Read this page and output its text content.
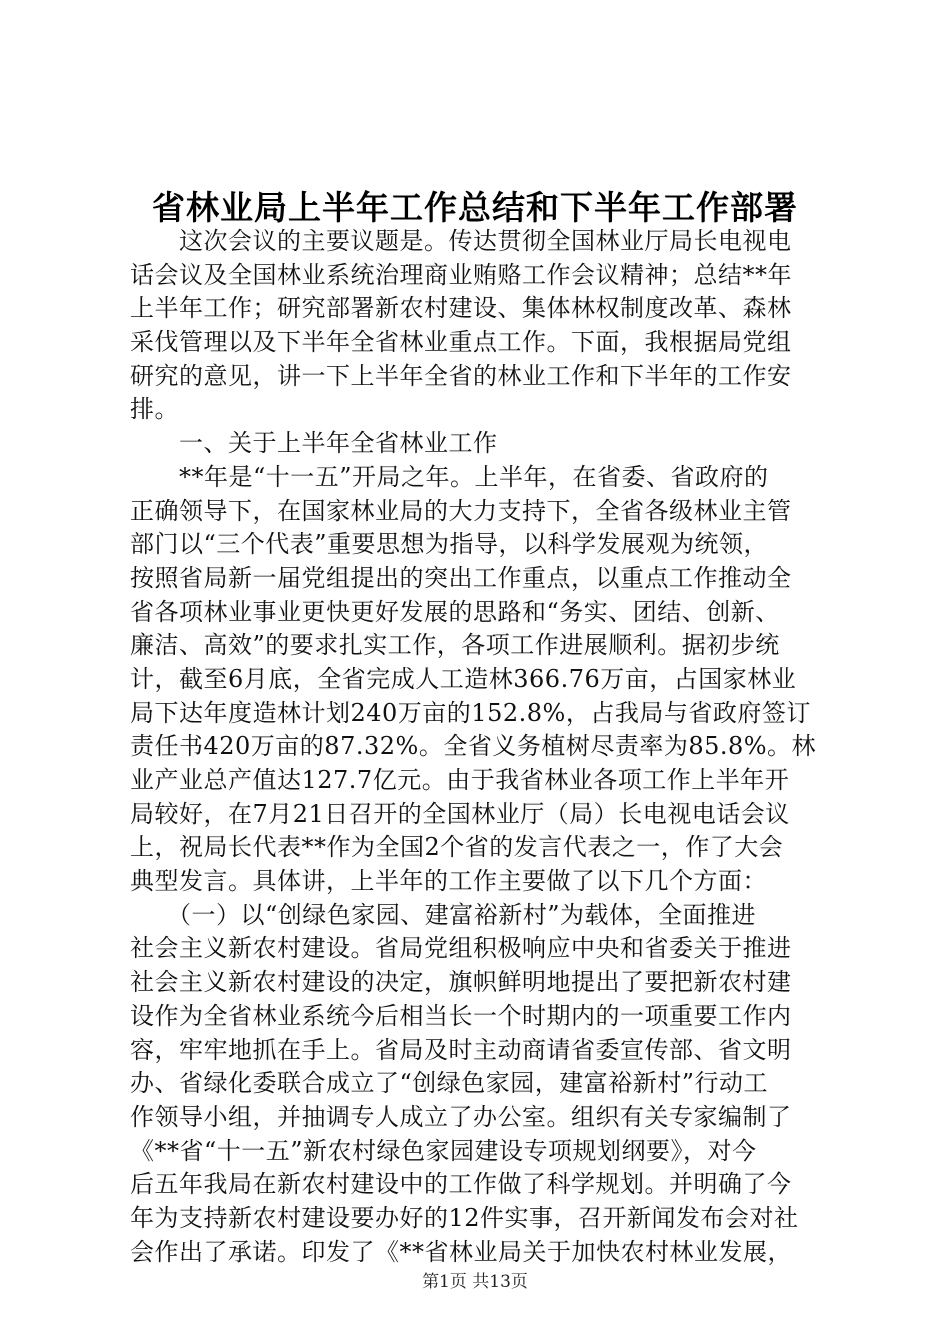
省林业局上半年工作总结和下半年工作部署
　　这次会议的主要议题是。传达贯彻全国林业厅局长电视电
话会议及全国林业系统治理商业贿赂工作会议精神；总结**年
上半年工作；研究部署新农村建设、集体林权制度改革、森林
采伐管理以及下半年全省林业重点工作。下面，我根据局党组
研究的意见，讲一下上半年全省的林业工作和下半年的工作安
排。
　　一、关于上半年全省林业工作
　　**年是“十一五”开局之年。上半年，在省委、省政府的
正确领导下，在国家林业局的大力支持下，全省各级林业主管
部门以“三个代表”重要思想为指导，以科学发展观为统领，
按照省局新一届党组提出的突出工作重点，以重点工作推动全
省各项林业事业更快更好发展的思路和“务实、团结、创新、
廉洁、高效”的要求扎实工作，各项工作进展顺利。据初步统
计，截至6月底，全省完成人工造林366.76万亩，占国家林业
局下达年度造林计划240万亩的152.8%，占我局与省政府签订
责任书420万亩的87.32%。全省义务植树尽责率为85.8%。林
业产业总产值达127.7亿元。由于我省林业各项工作上半年开
局较好，在7月21日召开的全国林业厅（局）长电视电话会议
上，祝局长代表**作为全国2个省的发言代表之一，作了大会
典型发言。具体讲，上半年的工作主要做了以下几个方面：
　　（一）以“创绿色家园、建富裕新村”为载体，全面推进
社会主义新农村建设。省局党组积极响应中央和省委关于推进
社会主义新农村建设的决定，旗帜鲜明地提出了要把新农村建
设作为全省林业系统今后相当长一个时期内的一项重要工作内
容，牢牢地抓在手上。省局及时主动商请省委宣传部、省文明
办、省绿化委联合成立了“创绿色家园，建富裕新村”行动工
作领导小组，并抽调专人成立了办公室。组织有关专家编制了
《**省“十一五”新农村绿色家园建设专项规划纲要》，对今
后五年我局在新农村建设中的工作做了科学规划。并明确了今
年为支持新农村建设要办好的12件实事，召开新闻发布会对社
会作出了承诺。印发了《**省林业局关于加快农村林业发展，
第1页 共13页
